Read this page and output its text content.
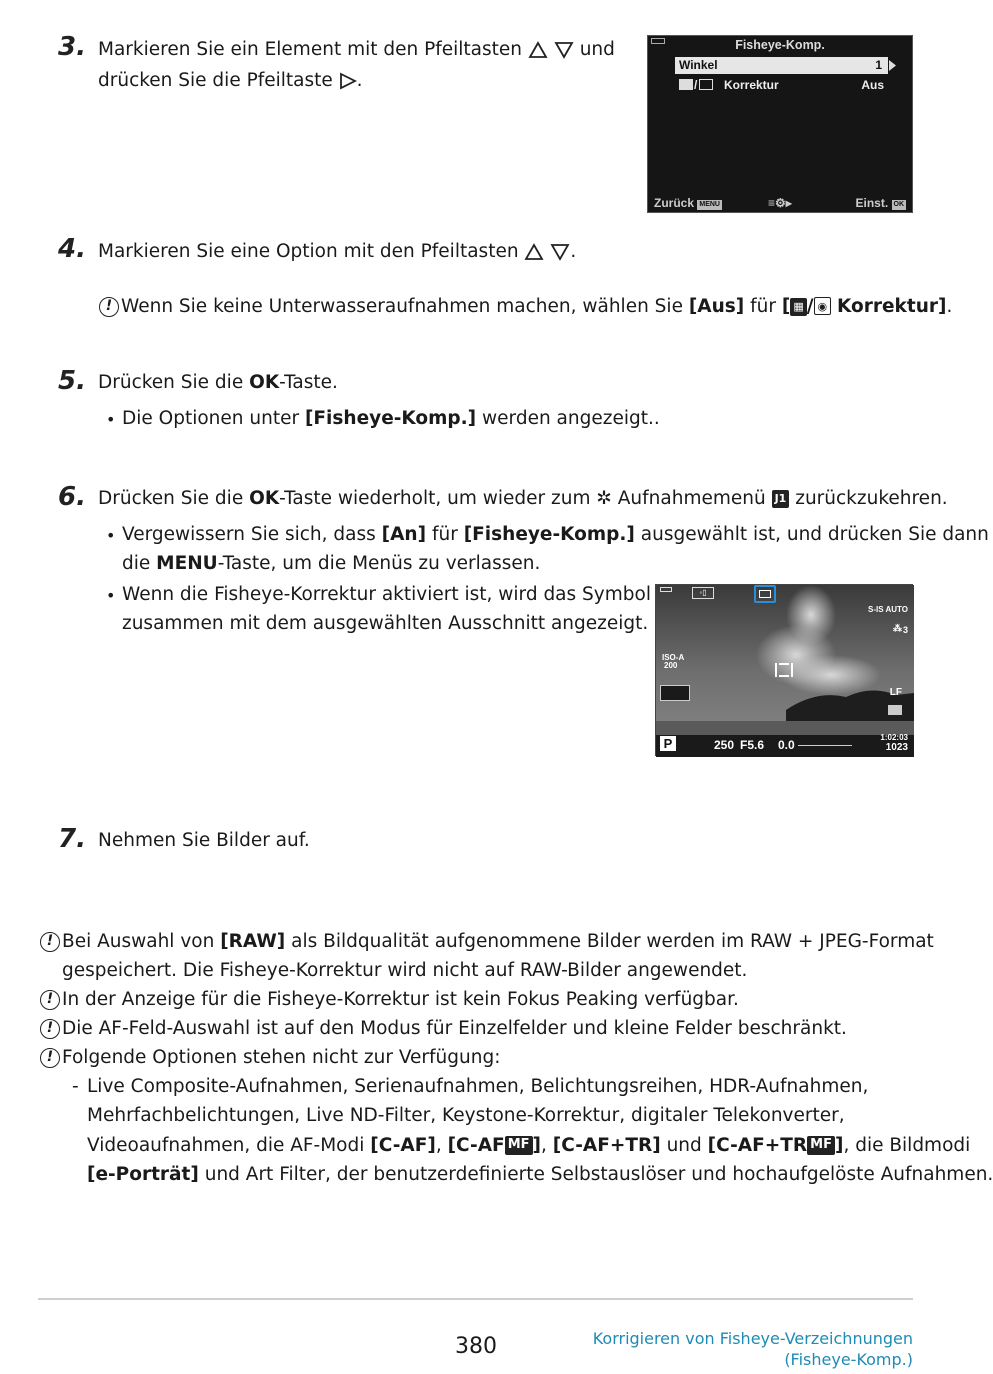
3. Markieren Sie ein Element mit den Pfeiltasten	und
drücken Sie die Pfeiltaste .
Fisheye-Komp.
Winkel	1
/ Korrektur	Aus
Zurück MENU	≡⚙▸	Einst. OK
4. Markieren Sie eine Option mit den Pfeiltasten	.
! Wenn Sie keine Unterwasseraufnahmen machen, wählen Sie [Aus] für [ ▦ / ◉ Korrektur].
5. Drücken Sie die OK-Taste.
• Die Optionen unter [Fisheye-Komp.] werden angezeigt..
6. Drücken Sie die OK-Taste wiederholt, um wieder zum ✲ Aufnahmemenü J1 zurückzukehren.
• Vergewissern Sie sich, dass [An] für [Fisheye-Komp.] ausgewählt ist, und drücken Sie dann
die MENU-Taste, um die Menüs zu verlassen.
• Wenn die Fisheye-Korrektur aktiviert ist, wird das Symbol
zusammen mit dem ausgewählten Ausschnitt angezeigt.
◦▯
S-IS AUTO
⁂ 3
ISO-A
200
LF
P	250 F5.6 0.0
1:02:03
1023
7. Nehmen Sie Bilder auf.
! Bei Auswahl von [RAW] als Bildqualität aufgenommene Bilder werden im RAW + JPEG-Format
gespeichert. Die Fisheye-Korrektur wird nicht auf RAW-Bilder angewendet.
! In der Anzeige für die Fisheye-Korrektur ist kein Fokus Peaking verfügbar.
! Die AF-Feld-Auswahl ist auf den Modus für Einzelfelder und kleine Felder beschränkt.
! Folgende Optionen stehen nicht zur Verfügung:
- Live Composite-Aufnahmen, Serienaufnahmen, Belichtungsreihen, HDR-Aufnahmen,
Mehrfachbelichtungen, Live ND-Filter, Keystone-Korrektur, digitaler Telekonverter,
Videoaufnahmen, die AF-Modi [C-AF], [C-AF MF ], [C-AF+TR] und [C-AF+TR MF ], die Bildmodi
[e-Porträt] und Art Filter, der benutzerdefinierte Selbstauslöser und hochaufgelöste Aufnahmen.
380	Korrigieren von Fisheye-Verzeichnungen
(Fisheye-Komp.)
